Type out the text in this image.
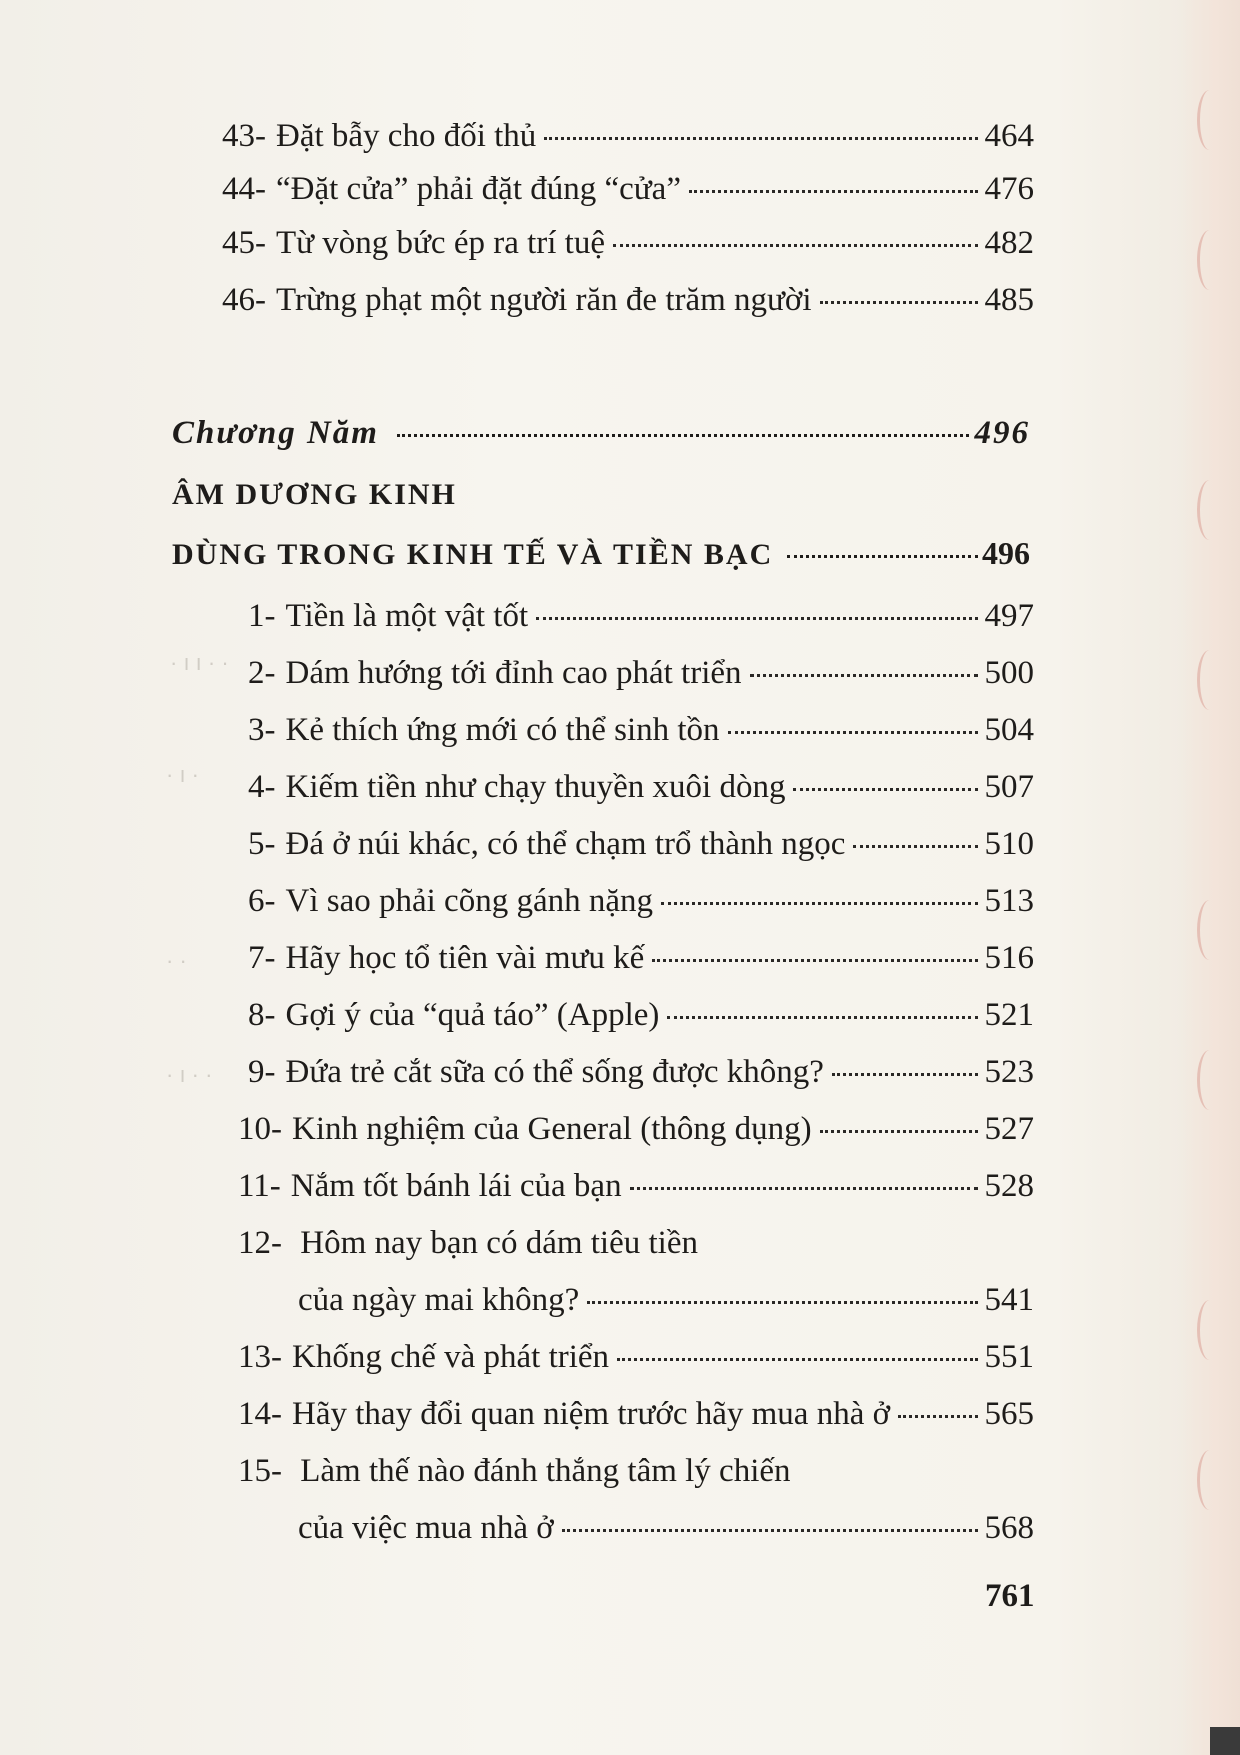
· ı ı · ·
· ı ·
· ·
· ı · ·
43- Đặt bẫy cho đối thủ	464
44- “Đặt cửa” phải đặt đúng “cửa”	476
45- Từ vòng bức ép ra trí tuệ	482
46- Trừng phạt một người răn đe trăm người	485
Chương Năm	496
ÂM DƯƠNG KINH
DÙNG TRONG KINH TẾ VÀ TIỀN BẠC	496
1- Tiền là một vật tốt	497
2- Dám hướng tới đỉnh cao phát triển	500
3- Kẻ thích ứng mới có thể sinh tồn	504
4- Kiếm tiền như chạy thuyền xuôi dòng	507
5- Đá ở núi khác, có thể chạm trổ thành ngọc	510
6- Vì sao phải cõng gánh nặng	513
7- Hãy học tổ tiên vài mưu kế	516
8- Gợi ý của “quả táo” (Apple)	521
9- Đứa trẻ cắt sữa có thể sống được không?	523
10- Kinh nghiệm của General (thông dụng)	527
11- Nắm tốt bánh lái của bạn	528
12- Hôm nay bạn có dám tiêu tiền
của ngày mai không?	541
13- Khống chế và phát triển	551
14- Hãy thay đổi quan niệm trước hãy mua nhà ở	565
15- Làm thế nào đánh thắng tâm lý chiến
của việc mua nhà ở	568
761
